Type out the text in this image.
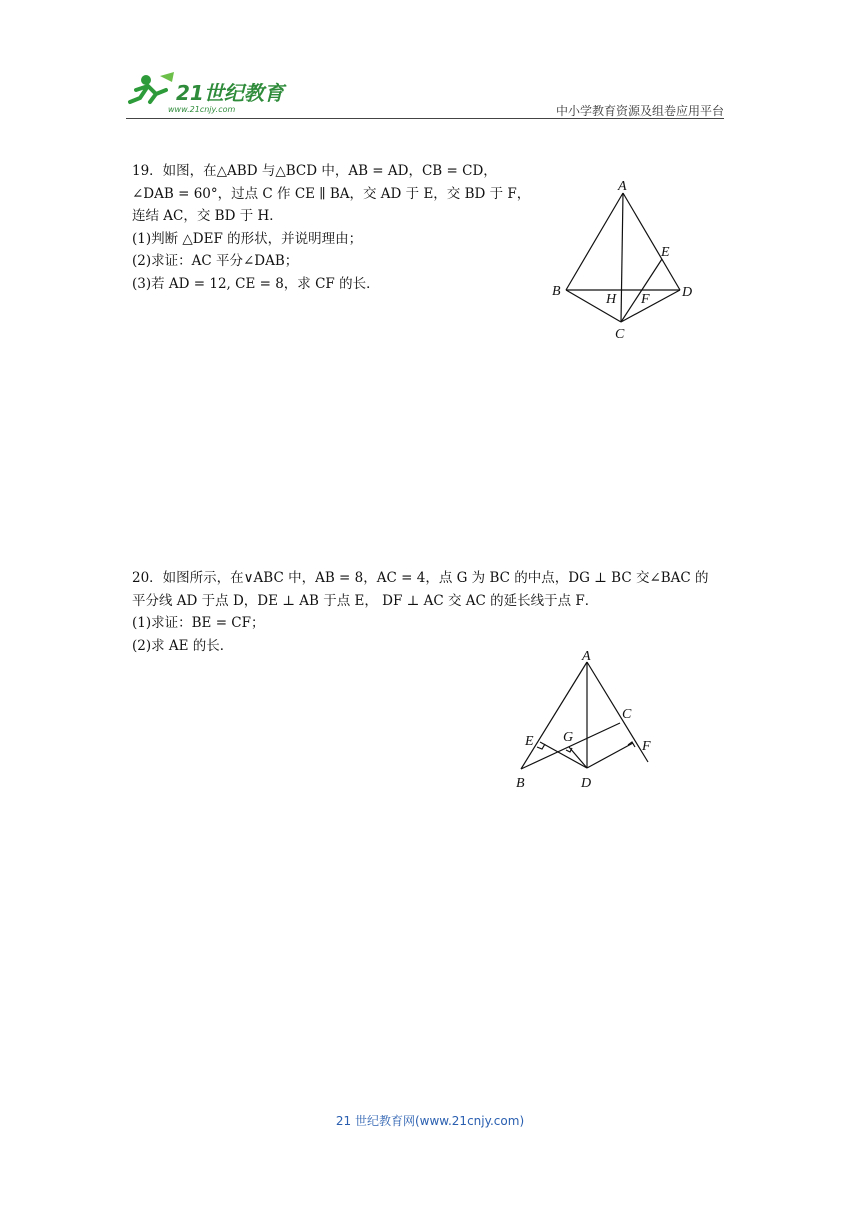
21世纪教育
www.21cnjy.com	中小学教育资源及组卷应用平台

19．如图，在△ABD 与△BCD 中，AB = AD，CB = CD，

∠DAB = 60°，过点 C 作 CE ∥ BA，交 AD 于 E，交 BD 于 F，

连结 AC，交 BD 于 H．

(1)判断 △DEF 的形状，并说明理由；

(2)求证：AC 平分∠DAB；

(3)若 AD = 12, CE = 8，求 CF 的长．

A
B
C
D
E
F
H

20．如图所示，在∨ABC 中，AB = 8，AC = 4，点 G 为 BC 的中点，DG ⊥ BC 交∠BAC 的

平分线 AD 于点 D，DE ⊥ AB 于点 E， DF ⊥ AC 交 AC 的延长线于点 F．

(1)求证：BE = CF；

(2)求 AE 的长．

A
B
C
D
E	F
G
21 世纪教育网(www.21cnjy.com)
